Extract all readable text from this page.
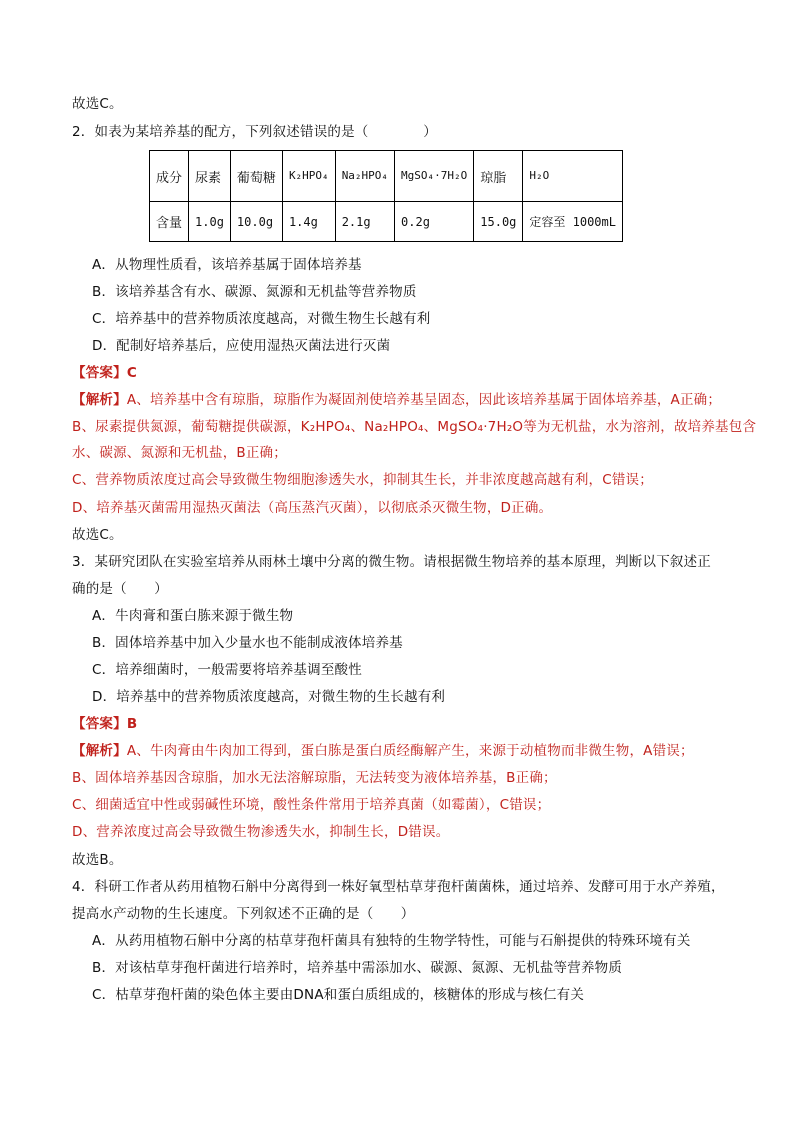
故选C。
2．如表为某培养基的配方，下列叙述错误的是（　　　　）
成分	尿素	葡萄糖	K₂HPO₄	Na₂HPO₄	MgSO₄·7H₂O	琼脂	H₂O
含量	1.0g	10.0g	1.4g	2.1g	0.2g	15.0g	定容至 1000mL
A．从物理性质看，该培养基属于固体培养基
B．该培养基含有水、碳源、氮源和无机盐等营养物质
C．培养基中的营养物质浓度越高，对微生物生长越有利
D．配制好培养基后，应使用湿热灭菌法进行灭菌
【答案】C
【解析】A、培养基中含有琼脂，琼脂作为凝固剂使培养基呈固态，因此该培养基属于固体培养基，A正确；
B、尿素提供氮源，葡萄糖提供碳源，K₂HPO₄、Na₂HPO₄、MgSO₄·7H₂O等为无机盐，水为溶剂，故培养基包含
水、碳源、氮源和无机盐，B正确；
C、营养物质浓度过高会导致微生物细胞渗透失水，抑制其生长，并非浓度越高越有利，C错误；
D、培养基灭菌需用湿热灭菌法（高压蒸汽灭菌），以彻底杀灭微生物，D正确。
故选C。
3．某研究团队在实验室培养从雨林土壤中分离的微生物。请根据微生物培养的基本原理，判断以下叙述正
确的是（　　）
A．牛肉膏和蛋白胨来源于微生物
B．固体培养基中加入少量水也不能制成液体培养基
C．培养细菌时，一般需要将培养基调至酸性
D．培养基中的营养物质浓度越高，对微生物的生长越有利
【答案】B
【解析】A、牛肉膏由牛肉加工得到，蛋白胨是蛋白质经酶解产生，来源于动植物而非微生物，A错误；
B、固体培养基因含琼脂，加水无法溶解琼脂，无法转变为液体培养基，B正确；
C、细菌适宜中性或弱碱性环境，酸性条件常用于培养真菌（如霉菌），C错误；
D、营养浓度过高会导致微生物渗透失水，抑制生长，D错误。
故选B。
4．科研工作者从药用植物石斛中分离得到一株好氧型枯草芽孢杆菌菌株，通过培养、发酵可用于水产养殖，
提高水产动物的生长速度。下列叙述不正确的是（　　）
A．从药用植物石斛中分离的枯草芽孢杆菌具有独特的生物学特性，可能与石斛提供的特殊环境有关
B．对该枯草芽孢杆菌进行培养时，培养基中需添加水、碳源、氮源、无机盐等营养物质
C．枯草芽孢杆菌的染色体主要由DNA和蛋白质组成的，核糖体的形成与核仁有关
